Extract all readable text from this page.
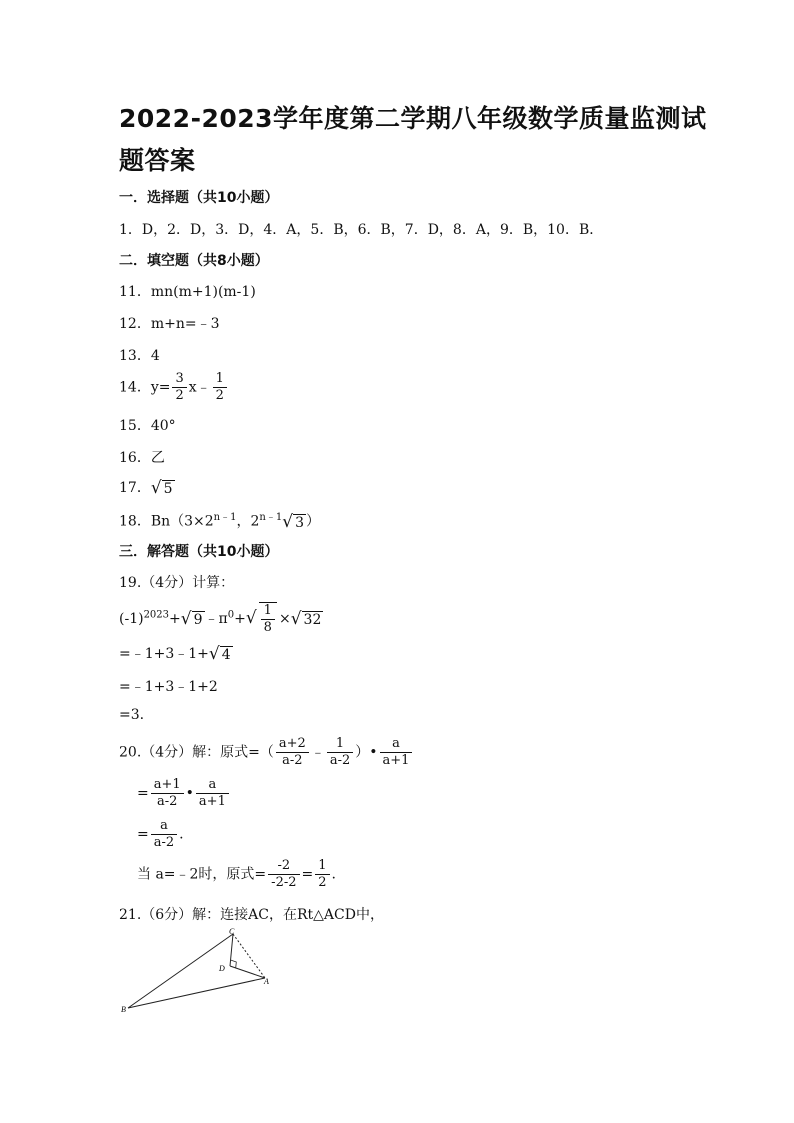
2022-2023学年度第二学期八年级数学质量监测试题答案
一．选择题（共10小题）
1．D，2．D，3．D，4．A，5．B，6．B，7．D，8．A，9．B，10．B．
二．填空题（共8小题）
11．mn(m+1)(m-1)
12．m+n=﹣3
13．4
14．$y= \frac{3}{2}$ x﹣ $\frac{1}{2}$
15．40°
16．乙
17．√ 5
18．$Bn(3\times 2^{n﹣1}$，$2^{n﹣1}√$ 3 ）
三．解答题（共10小题）
19.（4分）计算：
$(-1)^{2023}+√$ 9 $﹣\pi^0+√ \frac{1}{8}$ ×√ 32
=﹣1+3﹣1+√ 4
=﹣1+3﹣1+2
=3.
20.（4分）解：原式=（ $\frac{a+2}{a-2}$ ﹣ $\frac{1}{a-2}$ ）• $\frac{a}{a+1}$
= $\frac{a+1}{a-2}$ • $\frac{a}{a+1}$
= $\frac{a}{a-2}$ .
当 a=﹣2时，原式= $\frac{-2}{-2-2} = \frac{1}{2}$ .
21.（6分）解：连接AC，在Rt△ACD中，
C
D
A
B
